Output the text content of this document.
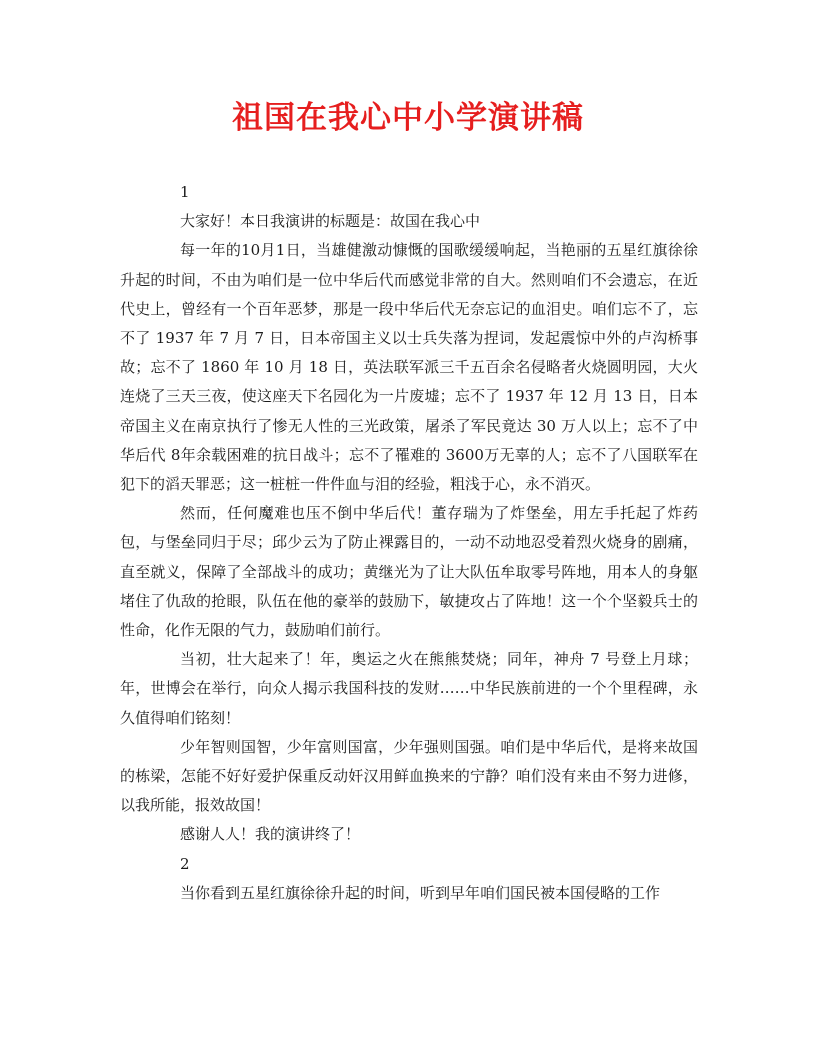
祖国在我心中小学演讲稿

1

大家好！本日我演讲的标题是：故国在我心中

每一年的10月1日，当雄健激动慷慨的国歌缓缓响起，当艳丽的五星红旗徐徐升起的时间，不由为咱们是一位中华后代而感觉非常的自大。然则咱们不会遗忘，在近代史上，曾经有一个百年恶梦，那是一段中华后代无奈忘记的血泪史。咱们忘不了，忘不了 1937 年 7 月 7 日，日本帝国主义以士兵失落为捏词，发起震惊中外的卢沟桥事故；忘不了 1860 年 10 月 18 日，英法联军派三千五百余名侵略者火烧圆明园，大火连烧了三天三夜，使这座天下名园化为一片废墟；忘不了 1937 年 12 月 13 日，日本帝国主义在南京执行了惨无人性的三光政策，屠杀了军民竟达 30 万人以上；忘不了中华后代 8年余载困难的抗日战斗；忘不了罹难的 3600万无辜的人；忘不了八国联军在犯下的滔天罪恶；这一桩桩一件件血与泪的经验，粗浅于心，永不消灭。

然而，任何魔难也压不倒中华后代！董存瑞为了炸堡垒，用左手托起了炸药包，与堡垒同归于尽；邱少云为了防止裸露目的，一动不动地忍受着烈火烧身的剧痛，直至就义，保障了全部战斗的成功；黄继光为了让大队伍牟取零号阵地，用本人的身躯堵住了仇敌的抢眼，队伍在他的豪举的鼓励下，敏捷攻占了阵地！这一个个坚毅兵士的性命，化作无限的气力，鼓励咱们前行。

当初，壮大起来了！年，奥运之火在熊熊焚烧；同年，神舟 7 号登上月球；年，世博会在举行，向众人揭示我国科技的发财……中华民族前进的一个个里程碑，永久值得咱们铭刻！

少年智则国智，少年富则国富，少年强则国强。咱们是中华后代，是将来故国的栋梁，怎能不好好爱护保重反动奸汉用鲜血换来的宁静？咱们没有来由不努力进修，以我所能，报效故国！

感谢人人！我的演讲终了！

2

当你看到五星红旗徐徐升起的时间，听到早年咱们国民被本国侵略的工作
